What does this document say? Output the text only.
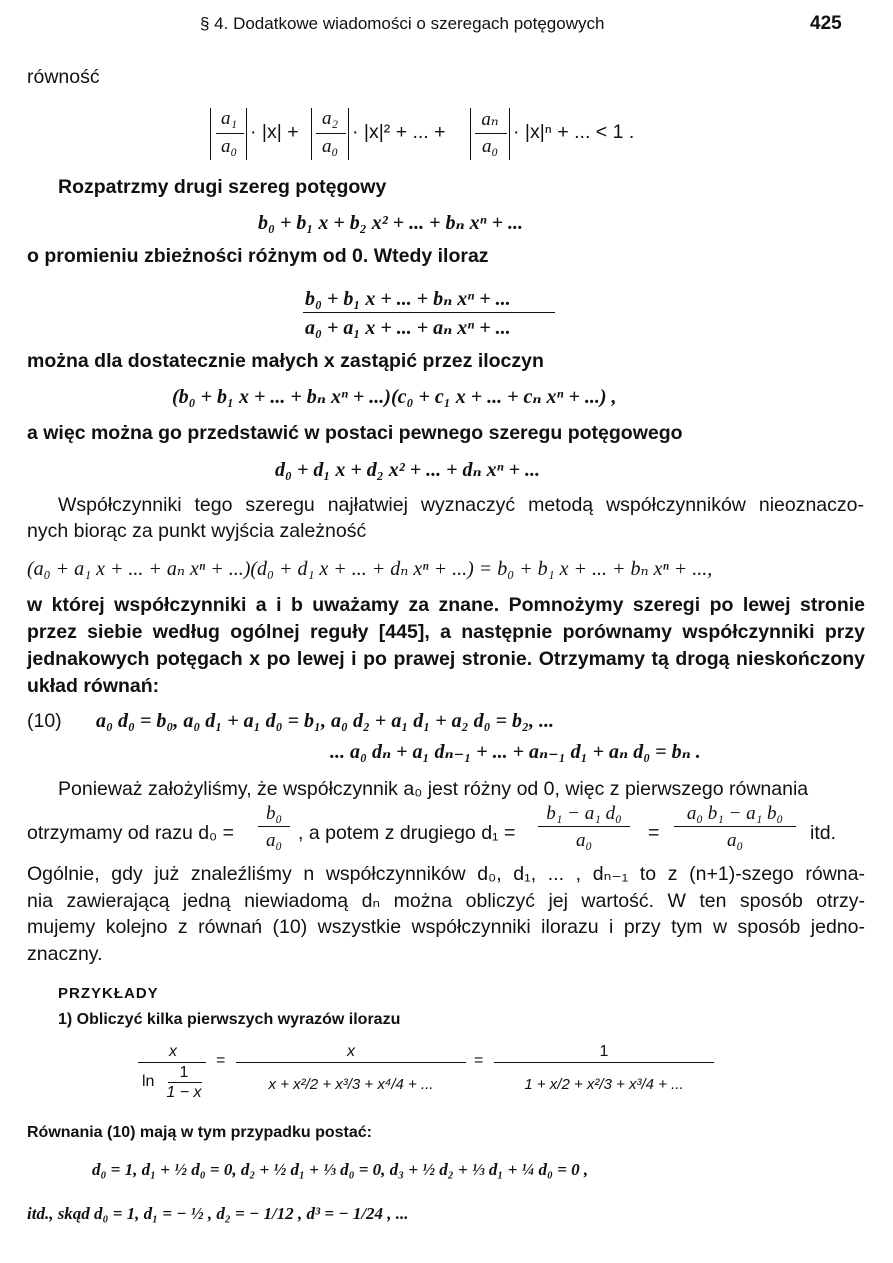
§ 4. Dodatkowe wiadomości o szeregach potęgowych	425
równość
a₁
a₀
· |x| +
a₂
a₀
· |x|² + ... +
aₙ
a₀
· |x|ⁿ + ... < 1 .
Rozpatrzmy drugi szereg potęgowy
b₀ + b₁ x + b₂ x² + ... + bₙ xⁿ + ...
o promieniu zbieżności różnym od 0. Wtedy iloraz
b₀ + b₁ x + ... + bₙ xⁿ + ...
a₀ + a₁ x + ... + aₙ xⁿ + ...
można dla dostatecznie małych x zastąpić przez iloczyn
(b₀ + b₁ x + ... + bₙ xⁿ + ...)(c₀ + c₁ x + ... + cₙ xⁿ + ...) ,
a więc można go przedstawić w postaci pewnego szeregu potęgowego
d₀ + d₁ x + d₂ x² + ... + dₙ xⁿ + ...
Współczynniki tego szeregu najłatwiej wyznaczyć metodą współczynników nieoznaczo-
nych biorąc za punkt wyjścia zależność
(a₀ + a₁ x + ... + aₙ xⁿ + ...)(d₀ + d₁ x + ... + dₙ xⁿ + ...) = b₀ + b₁ x + ... + bₙ xⁿ + ...,
w której współczynniki a i b uważamy za znane. Pomnożymy szeregi po lewej stronie
przez siebie według ogólnej reguły [445], a następnie porównamy współczynniki przy
jednakowych potęgach x po lewej i po prawej stronie. Otrzymamy tą drogą nieskończony
układ równań:
(10) a₀ d₀ = b₀, a₀ d₁ + a₁ d₀ = b₁, a₀ d₂ + a₁ d₁ + a₂ d₀ = b₂, ...
... a₀ dₙ + a₁ dₙ₋₁ + ... + aₙ₋₁ d₁ + aₙ d₀ = bₙ .
Ponieważ założyliśmy, że współczynnik a₀ jest różny od 0, więc z pierwszego równania
otrzymamy od razu d₀ =
b₀
a₀ , a potem z drugiego d₁ =
b₁ − a₁ d₀
a₀	=
a₀ b₁ − a₁ b₀
a₀	itd.
Ogólnie, gdy już znaleźliśmy n współczynników d₀, d₁, ... , dₙ₋₁ to z (n+1)-szego równa-
nia zawierającą jedną niewiadomą dₙ można obliczyć jej wartość. W ten sposób otrzy-
mujemy kolejno z równań (10) wszystkie współczynniki ilorazu i przy tym w sposób jedno-
znaczny.
PRZYKŁADY
1) Obliczyć kilka pierwszych wyrazów ilorazu
x
ln
1
1 − x
=
x
x + x²/2 + x³/3 + x⁴/4 + ...
=
1
1 + x/2 + x²/3 + x³/4 + ...
Równania (10) mają w tym przypadku postać:
d₀ = 1, d₁ + ½ d₀ = 0, d₂ + ½ d₁ + ⅓ d₀ = 0, d₃ + ½ d₂ + ⅓ d₁ + ¼ d₀ = 0 ,
itd., skąd d₀ = 1, d₁ = − ½ , d₂ = − 1/12 , d³ = − 1/24 , ...
